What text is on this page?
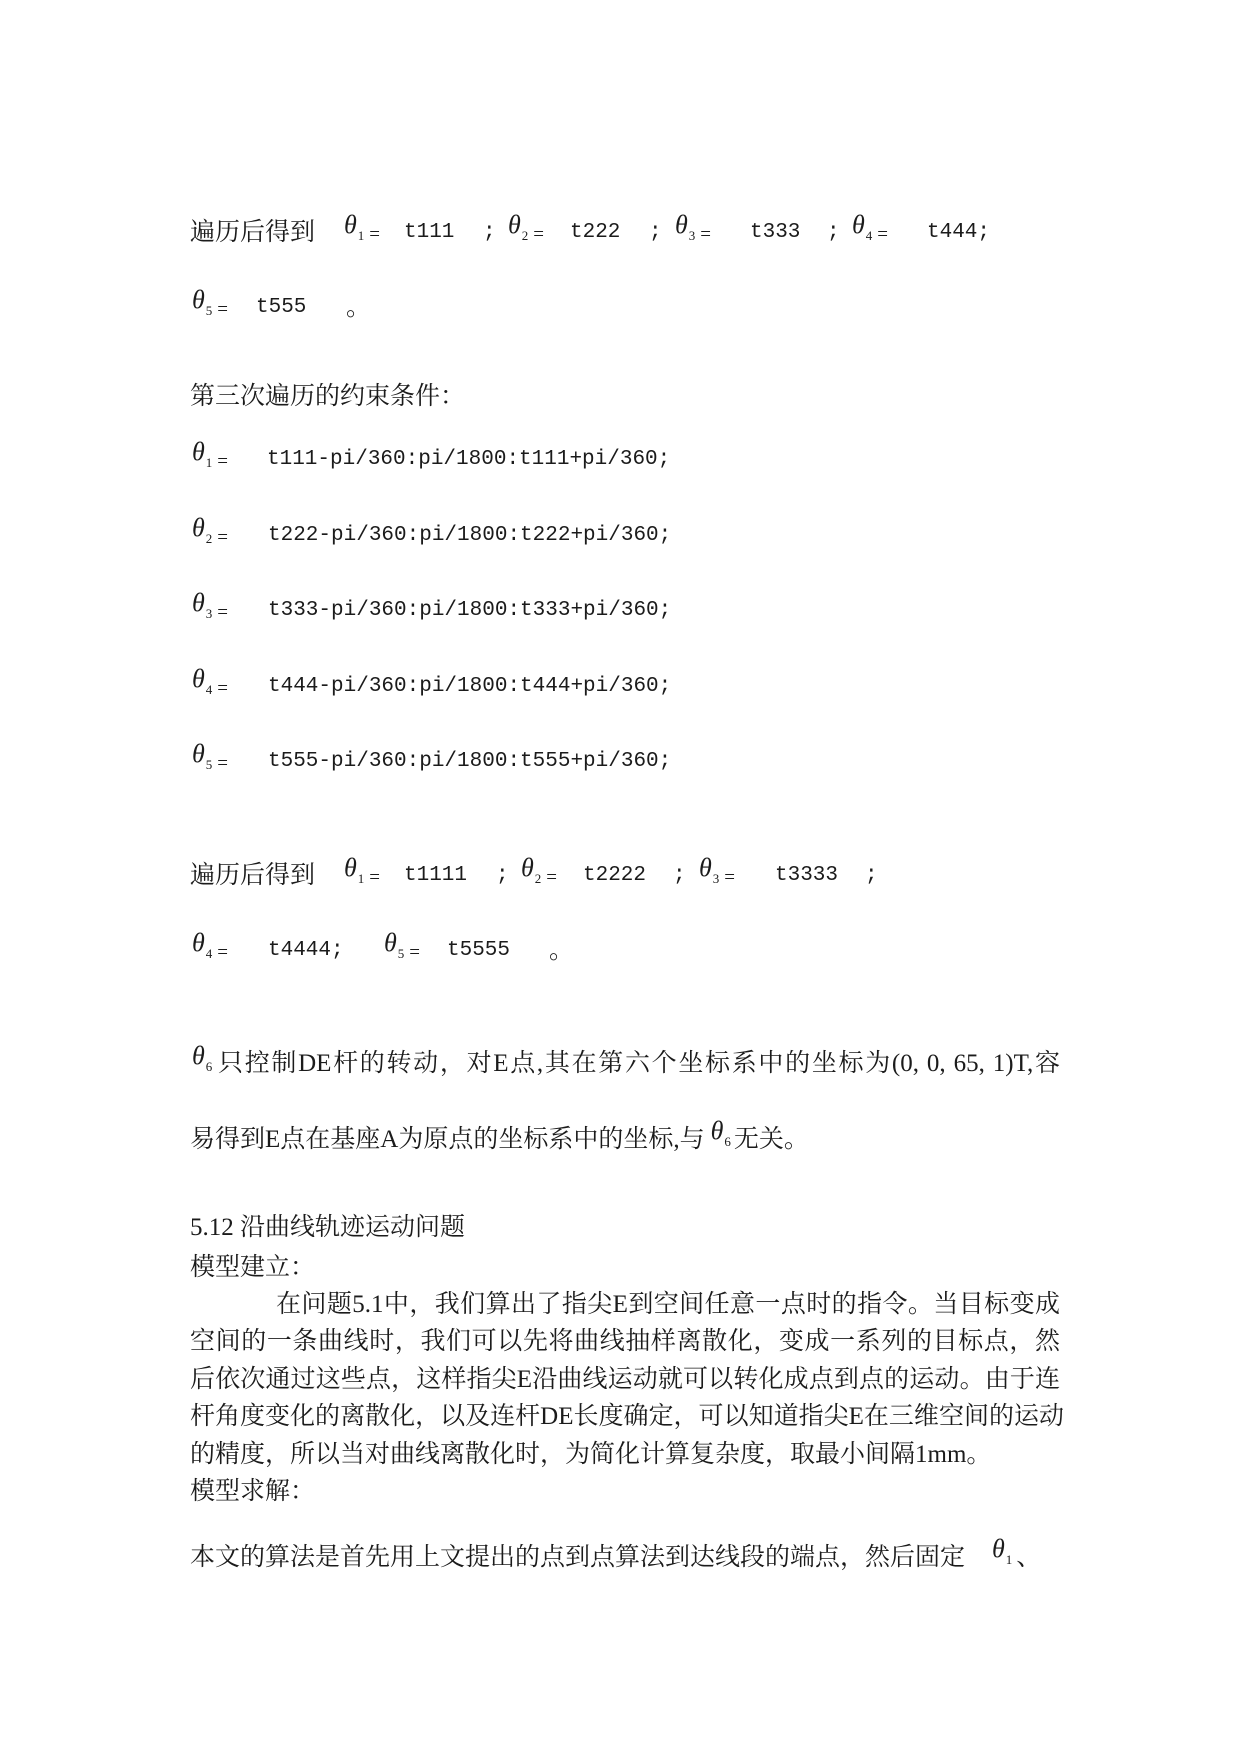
遍历后得到 θ1 = t111 ; θ2 = t222 ; θ3 = t333 ; θ4 = t444;
θ5 = t555 。
第三次遍历的约束条件：
θ1 = t111-pi/360:pi/1800:t111+pi/360;
θ2 = t222-pi/360:pi/1800:t222+pi/360;
θ3 = t333-pi/360:pi/1800:t333+pi/360;
θ4 = t444-pi/360:pi/1800:t444+pi/360;
θ5 = t555-pi/360:pi/1800:t555+pi/360;
遍历后得到 θ1 = t1111 ; θ2 = t2222 ; θ3 = t3333 ;
θ4 = t4444; θ5 = t5555 。
θ6 只控制DE杆的转动，对E点,其在第六个坐标系中的坐标为(0, 0, 65, 1)T,容
易得到E点在基座A为原点的坐标系中的坐标,与 θ6 无关。
5.12 沿曲线轨迹运动问题
模型建立：
在问题5.1中，我们算出了指尖E到空间任意一点时的指令。当目标变成
空间的一条曲线时，我们可以先将曲线抽样离散化，变成一系列的目标点，然
后依次通过这些点，这样指尖E沿曲线运动就可以转化成点到点的运动。由于连
杆角度变化的离散化，以及连杆DE长度确定，可以知道指尖E在三维空间的运动
的精度，所以当对曲线离散化时，为简化计算复杂度，取最小间隔1mm。
模型求解：
本文的算法是首先用上文提出的点到点算法到达线段的端点，然后固定 θ1 、
